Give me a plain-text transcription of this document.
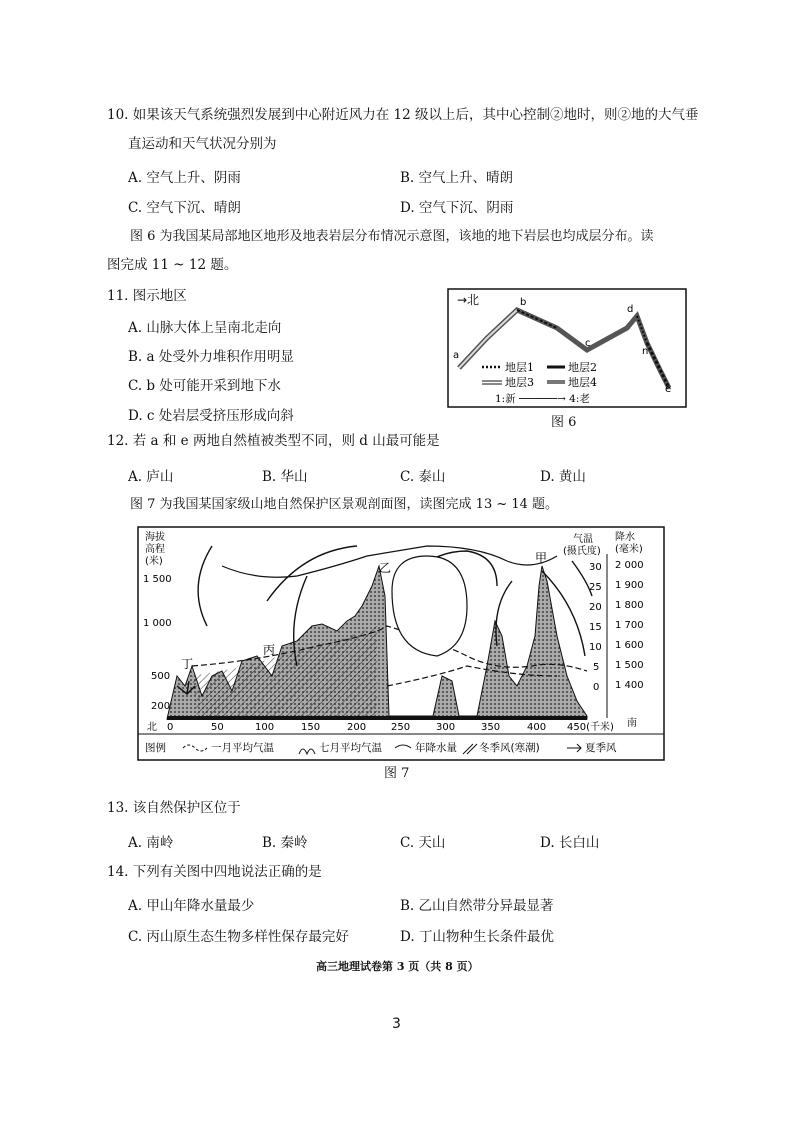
10. 如果该天气系统强烈发展到中心附近风力在 12 级以上后，其中心控制②地时，则②地的大气垂
直运动和天气状况分别为
A. 空气上升、阴雨	B. 空气上升、晴朗
C. 空气下沉、晴朗	D. 空气下沉、阴雨
图 6 为我国某局部地区地形及地表岩层分布情况示意图，该地的地下岩层也均成层分布。读
图完成 11 ~ 12 题。
11. 图示地区
A. 山脉大体上呈南北走向
B. a 处受外力堆积作用明显
C. b 处可能开采到地下水
D. c 处岩层受挤压形成向斜
→北
a
b
c
d
n
e
地层1	地层2
地层3	地层4
1:新 ──────→ 4:老
图 6
12. 若 a 和 e 两地自然植被类型不同，则 d 山最可能是
A. 庐山	B. 华山	C. 泰山	D. 黄山
图 7 为我国某国家级山地自然保护区景观剖面图，读图完成 13 ~ 14 题。
海拔
高程
(米)
1 500
1 000
500
200
乙
甲
丙
丁
气温
(摄氏度)
降水
(毫米)
30
25
20
15
10
5
0
2 000
1 900
1 800
1 700
1 600
1 500
1 400
北	南
0	50	100	150	200 250	300	350	400 450(千米)
图例	一月平均气温	七月平均气温	年降水量 冬季风(寒潮)	夏季风
图 7
13. 该自然保护区位于
A. 南岭	B. 秦岭	C. 天山	D. 长白山
14. 下列有关图中四地说法正确的是
A. 甲山年降水量最少	B. 乙山自然带分异最显著
C. 丙山原生态生物多样性保存最完好	D. 丁山物种生长条件最优
高三地理试卷第 3 页（共 8 页）
3
